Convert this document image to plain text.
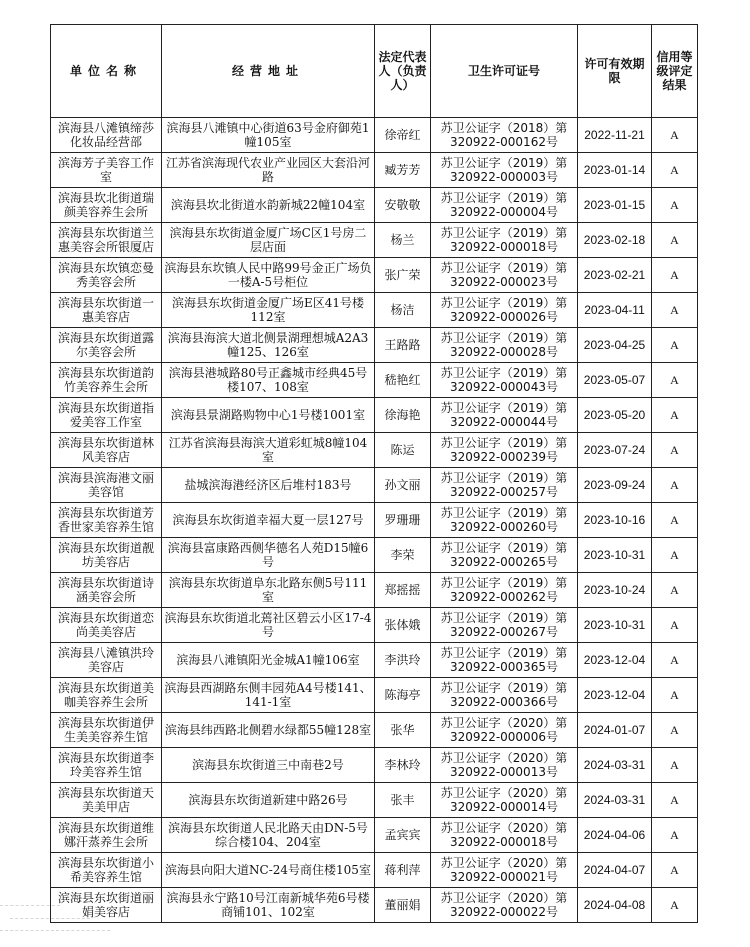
单位名称	经营地址	法定代表人（负责人）	卫生许可证号	许可有效期限	信用等级评定结果
滨海县八滩镇缔莎化妆品经营部	滨海县八滩镇中心街道63号金府御苑1幢105室	徐帝红	苏卫公证字（2018）第320922-000162号	2022-11-21	A
滨海芳子美容工作室	江苏省滨海现代农业产业园区大套沿河路	臧芳芳	苏卫公证字（2019）第320922-000003号	2023-01-14	A
滨海县坎北街道瑞颜美容养生会所	滨海县坎北街道水韵新城22幢104室	安敬敬	苏卫公证字（2019）第320922-000004号	2023-01-15	A
滨海县东坎街道兰惠美容会所银厦店	滨海县东坎街道金厦广场C区1号房二层店面	杨兰	苏卫公证字（2019）第320922-000018号	2023-02-18	A
滨海县东坎镇恋曼秀美容会所	滨海县东坎镇人民中路99号金正广场负一楼A-5号柜位	张广荣	苏卫公证字（2019）第320922-000023号	2023-02-21	A
滨海县东坎街道一惠美容店	滨海县东坎街道金厦广场E区41号楼112室	杨洁	苏卫公证字（2019）第320922-000026号	2023-04-11	A
滨海县东坎街道露尔美容会所	滨海县海滨大道北侧景湖理想城A2A3幢125、126室	王路路	苏卫公证字（2019）第320922-000028号	2023-04-25	A
滨海县东坎街道韵竹美容养生会所	滨海县港城路80号正鑫城市经典45号楼107、108室	嵇艳红	苏卫公证字（2019）第320922-000043号	2023-05-07	A
滨海县东坎街道指爱美容工作室	滨海县景湖路购物中心1号楼1001室	徐海艳	苏卫公证字（2019）第320922-000044号	2023-05-20	A
滨海县东坎街道林风美容店	江苏省滨海县海滨大道彩虹城8幢104室	陈运	苏卫公证字（2019）第320922-000239号	2023-07-24	A
滨海县滨海港文丽美容馆	盐城滨海港经济区后堆村183号	孙文丽	苏卫公证字（2019）第320922-000257号	2023-09-24	A
滨海县东坎街道芳香世家美容养生馆	滨海县东坎街道幸福大夏一层127号	罗珊珊	苏卫公证字（2019）第320922-000260号	2023-10-16	A
滨海县东坎街道靓坊美容店	滨海县富康路西侧华德名人苑D15幢6号	李荣	苏卫公证字（2019）第320922-000265号	2023-10-31	A
滨海县东坎街道诗涵美容会所	滨海县东坎街道阜东北路东侧5号111室	郑摇摇	苏卫公证字（2019）第320922-000262号	2023-10-24	A
滨海县东坎街道恋尚美美容店	滨海县东坎街道北蔫社区碧云小区17-4号	张体娥	苏卫公证字（2019）第320922-000267号	2023-10-31	A
滨海县八滩镇洪玲美容店	滨海县八滩镇阳光金城A1幢106室	李洪玲	苏卫公证字（2019）第320922-000365号	2023-12-04	A
滨海县东坎街道美咖美容养生会所	滨海县西湖路东侧丰园苑A4号楼141、141-1室	陈海亭	苏卫公证字（2019）第320922-000366号	2023-12-04	A
滨海县东坎街道伊生美美容养生馆	滨海县纬西路北侧碧水绿都55幢128室	张华	苏卫公证字（2020）第320922-000006号	2024-01-07	A
滨海县东坎街道李玲美容养生馆	滨海县东坎街道三中南巷2号	李林玲	苏卫公证字（2020）第320922-000013号	2024-03-31	A
滨海县东坎街道天美美甲店	滨海县东坎街道新建中路26号	张丰	苏卫公证字（2020）第320922-000014号	2024-03-31	A
滨海县东坎街道维娜汗蒸养生会所	滨海县东坎街道人民北路天由DN-5号综合楼104、204室	孟宾宾	苏卫公证字（2020）第320922-000018号	2024-04-06	A
滨海县东坎街道小希美容养生馆	滨海县向阳大道NC-24号商住楼105室	蒋利萍	苏卫公证字（2020）第320922-000021号	2024-04-07	A
滨海县东坎街道丽娟美容店	滨海县永宁路10号江南新城华苑6号楼商铺101、102室	董丽娟	苏卫公证字（2020）第320922-000022号	2024-04-08	A
